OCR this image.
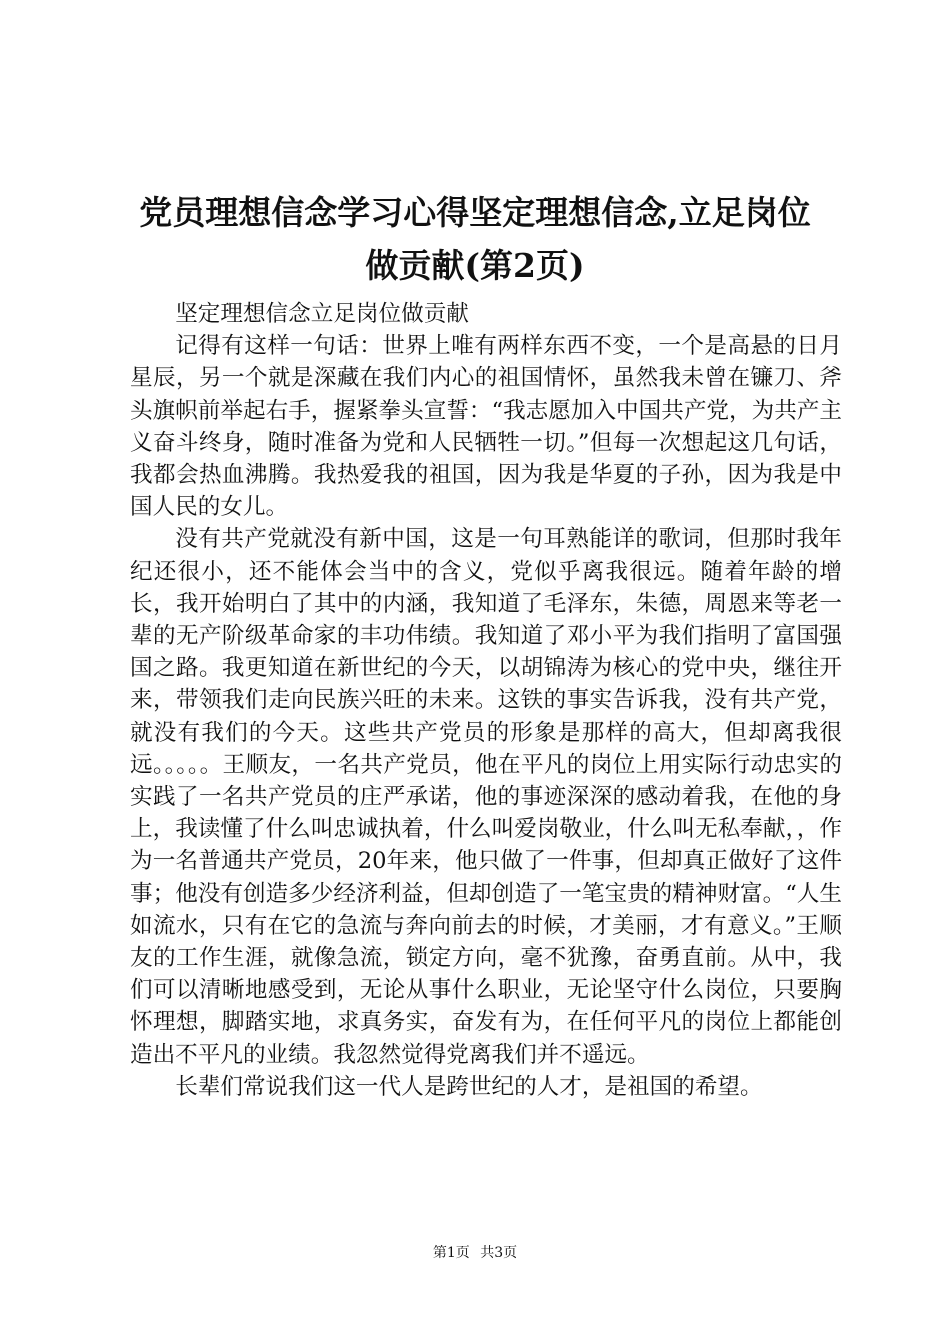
党员理想信念学习心得坚定理想信念,立足岗位做贡献(第2页)

坚定理想信念立足岗位做贡献

记得有这样一句话：世界上唯有两样东西不变，一个是高悬的日月星辰，另一个就是深藏在我们内心的祖国情怀，虽然我未曾在镰刀、斧头旗帜前举起右手，握紧拳头宣誓：“我志愿加入中国共产党，为共产主义奋斗终身，随时准备为党和人民牺牲一切。”但每一次想起这几句话，我都会热血沸腾。我热爱我的祖国，因为我是华夏的子孙，因为我是中国人民的女儿。

没有共产党就没有新中国，这是一句耳熟能详的歌词，但那时我年纪还很小，还不能体会当中的含义，党似乎离我很远。随着年龄的增长，我开始明白了其中的内涵，我知道了毛泽东，朱德，周恩来等老一辈的无产阶级革命家的丰功伟绩。我知道了邓小平为我们指明了富国强国之路。我更知道在新世纪的今天，以胡锦涛为核心的党中央，继往开来，带领我们走向民族兴旺的未来。这铁的事实告诉我，没有共产党，就没有我们的今天。这些共产党员的形象是那样的高大，但却离我很远。。。。。王顺友，一名共产党员，他在平凡的岗位上用实际行动忠实的实践了一名共产党员的庄严承诺，他的事迹深深的感动着我，在他的身上，我读懂了什么叫忠诚执着，什么叫爱岗敬业，什么叫无私奉献，，作为一名普通共产党员，20年来，他只做了一件事，但却真正做好了这件事；他没有创造多少经济利益，但却创造了一笔宝贵的精神财富。“人生如流水，只有在它的急流与奔向前去的时候，才美丽，才有意义。”王顺友的工作生涯，就像急流，锁定方向，毫不犹豫，奋勇直前。从中，我们可以清晰地感受到，无论从事什么职业，无论坚守什么岗位，只要胸怀理想，脚踏实地，求真务实，奋发有为，在任何平凡的岗位上都能创造出不平凡的业绩。我忽然觉得党离我们并不遥远。

长辈们常说我们这一代人是跨世纪的人才，是祖国的希望。

第1页 共3页
